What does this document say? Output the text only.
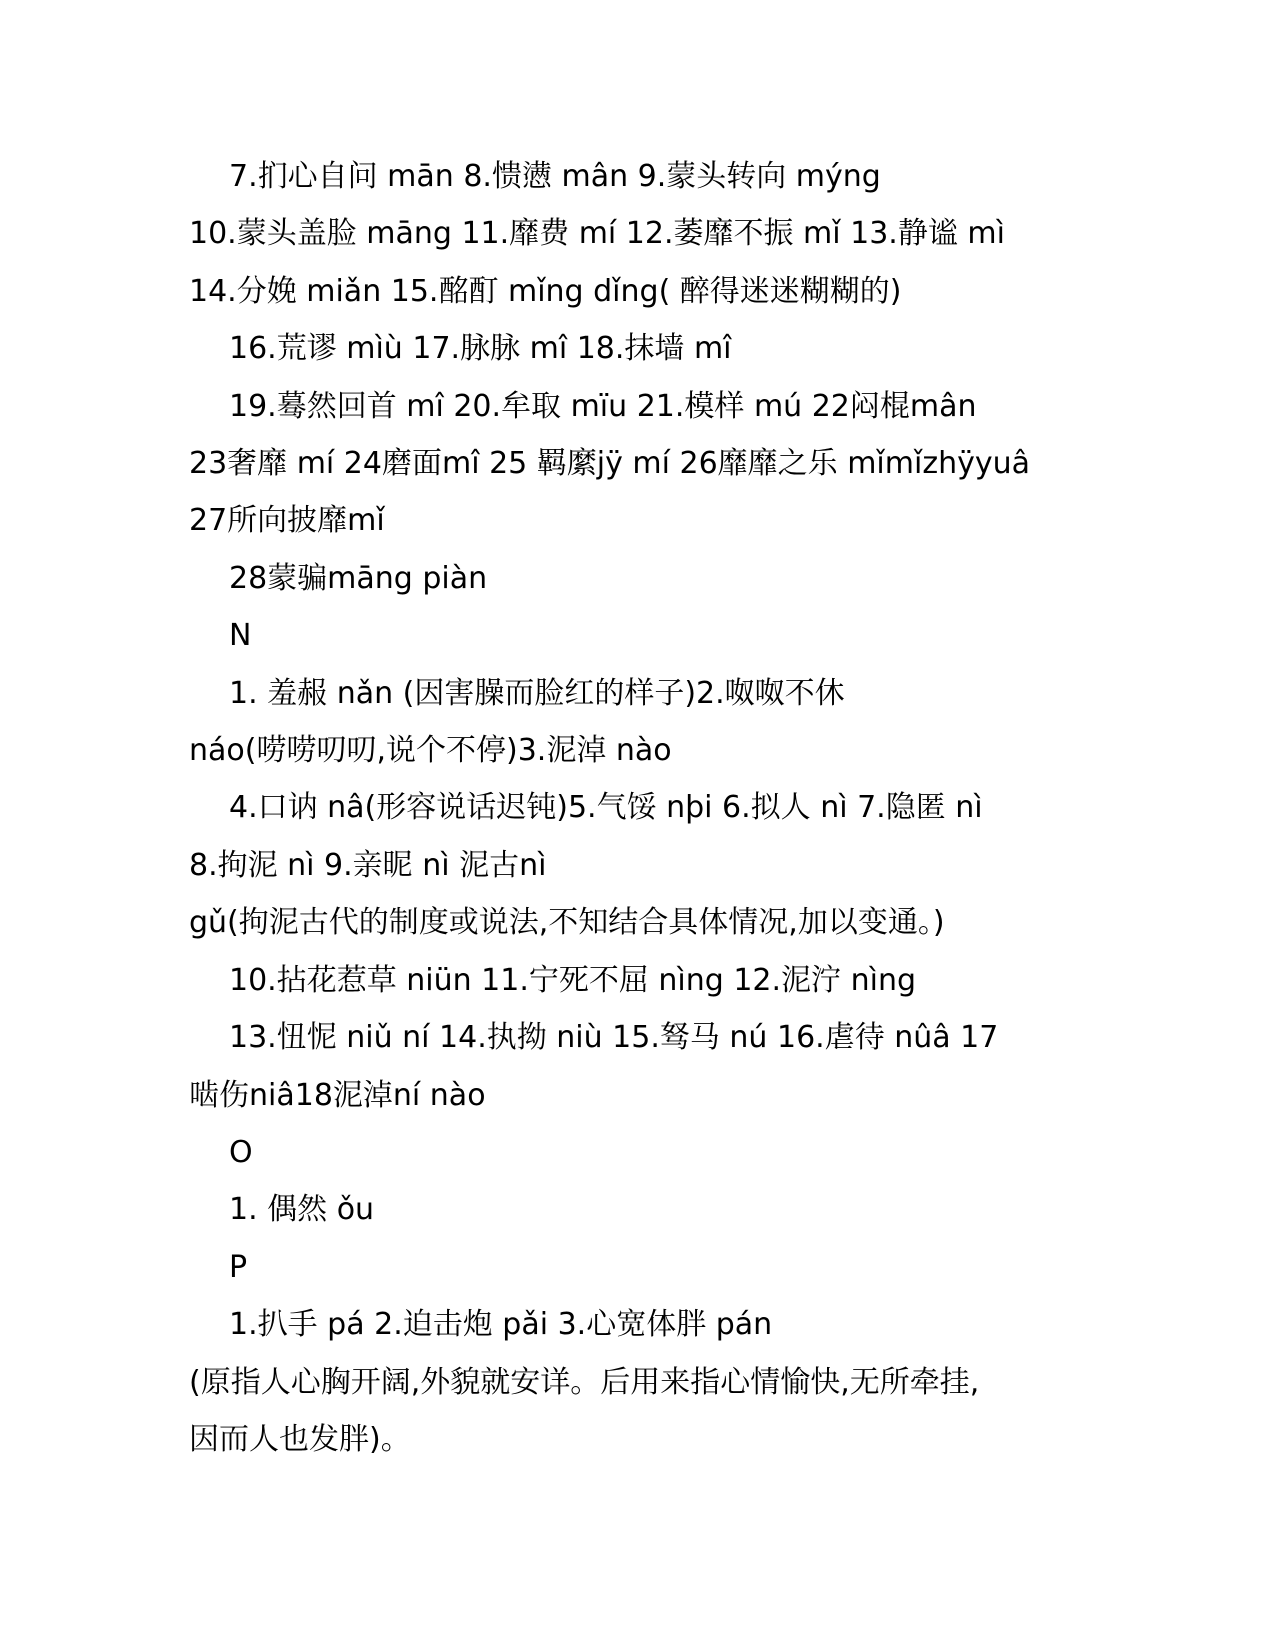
7.扪心自问 mān 8.愦懑 mân 9.蒙头转向 mýng

10.蒙头盖脸 māng 11.靡费 mí 12.萎靡不振 mǐ 13.静谧 mì

14.分娩 miǎn 15.酩酊 mǐng dǐng( 醉得迷迷糊糊的)

16.荒谬 mìù 17.脉脉 mî 18.抹墙 mî

19.蓦然回首 mî 20.牟取 mïu 21.模样 mú 22闷棍mân

23奢靡 mí 24磨面mî 25 羁縻jÿ mí 26靡靡之乐 mǐmǐzhÿyuâ

27所向披靡mǐ

28蒙骗māng piàn

N

1. 羞赧 nǎn (因害臊而脸红的样子)2.呶呶不休

náo(唠唠叨叨,说个不停)3.泥淖 nào

4.口讷 nâ(形容说话迟钝)5.气馁 nþi 6.拟人 nì 7.隐匿 nì

8.拘泥 nì 9.亲昵 nì 泥古nì

gǔ(拘泥古代的制度或说法,不知结合具体情况,加以变通。)

10.拈花惹草 niün 11.宁死不屈 nìng 12.泥泞 nìng

13.忸怩 niǔ ní 14.执拗 niù 15.驽马 nú 16.虐待 nûâ 17

啮伤niâ18泥淖ní nào

O

1. 偶然 ǒu

P

1.扒手 pá 2.迫击炮 pǎi 3.心宽体胖 pán

(原指人心胸开阔,外貌就安详。后用来指心情愉快,无所牵挂,

因而人也发胖)。
